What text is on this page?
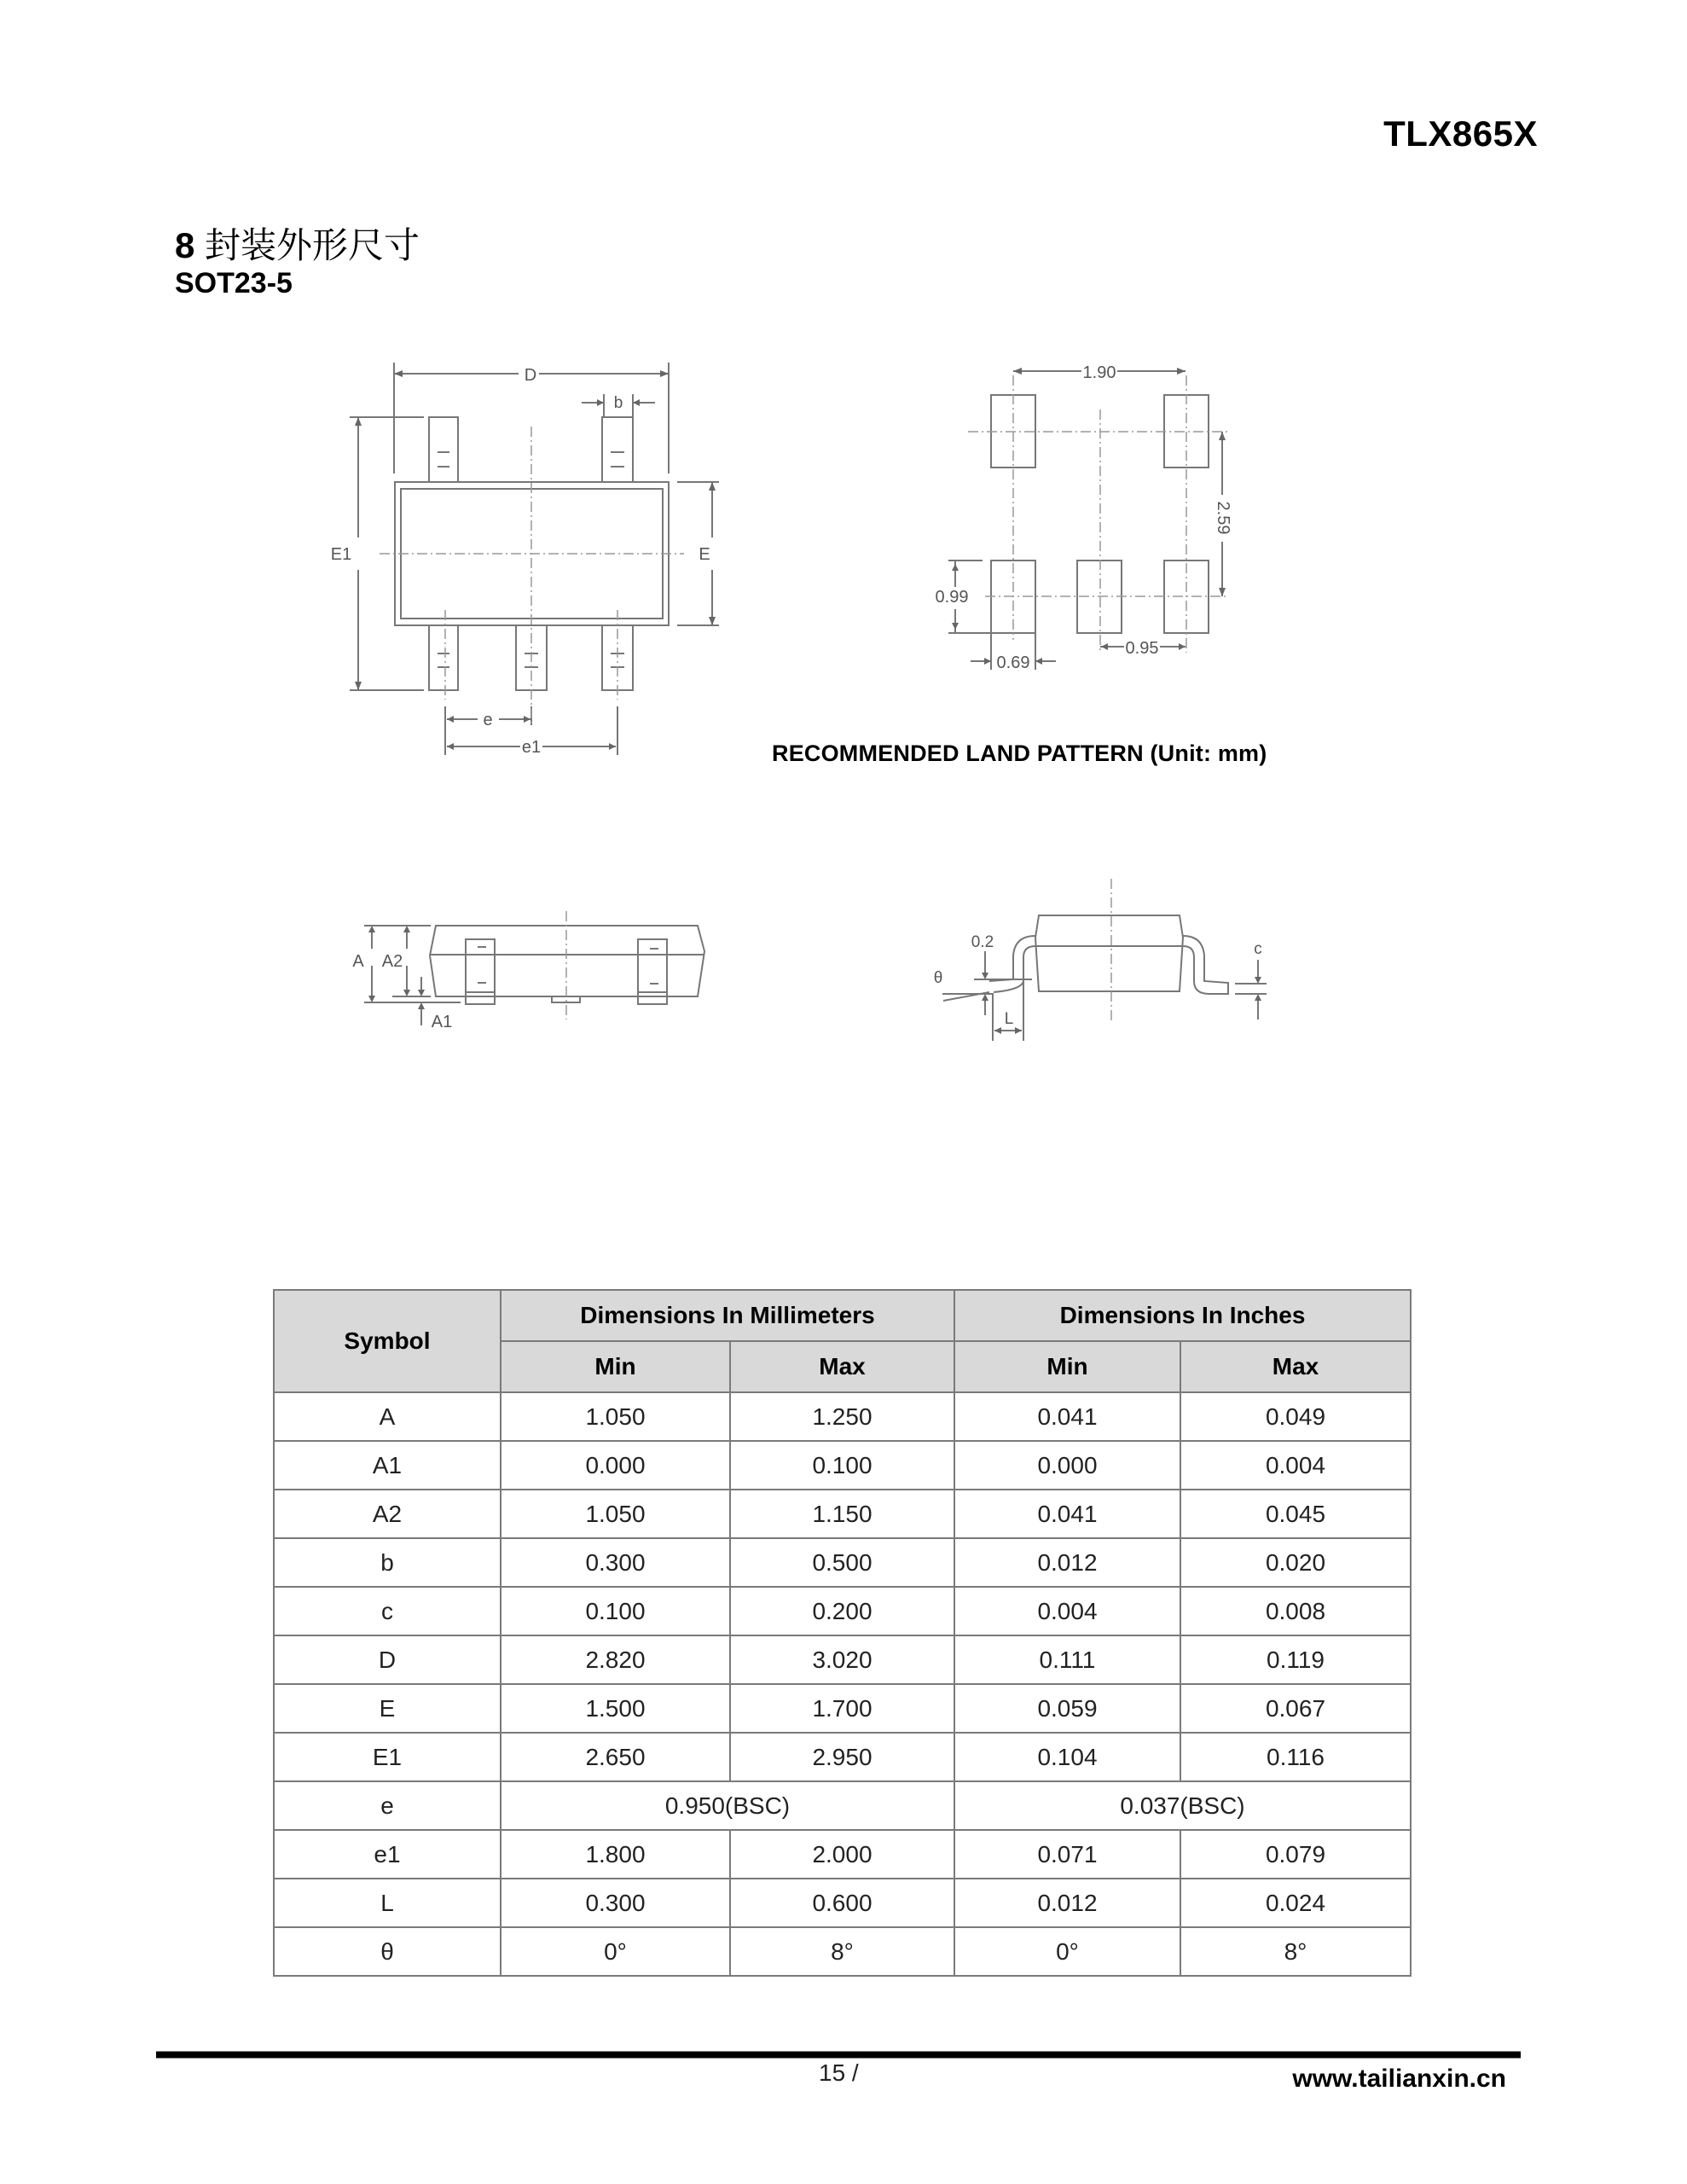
TLX865X
8 封装外形尺寸
SOT23-5
D
b
E1	E
e
e1
1.90
2.59
0.99
0.69
0.95
RECOMMENDED LAND PATTERN (Unit: mm)
A A2
A1
0.2
θ
L
c
Symbol	Dimensions In Millimeters		Dimensions In Inches	
	Min	Max	Min	Max
A	1.050	1.250	0.041	0.049
A1	0.000	0.100	0.000	0.004
A2	1.050	1.150	0.041	0.045
b	0.300	0.500	0.012	0.020
c	0.100	0.200	0.004	0.008
D	2.820	3.020	0.111	0.119
E	1.500	1.700	0.059	0.067
E1	2.650	2.950	0.104	0.116
e	0.950(BSC)		0.037(BSC)	
e1	1.800	2.000	0.071	0.079
L	0.300	0.600	0.012	0.024
θ	0°	8°	0°	8°
15 /	www.tailianxin.cn
